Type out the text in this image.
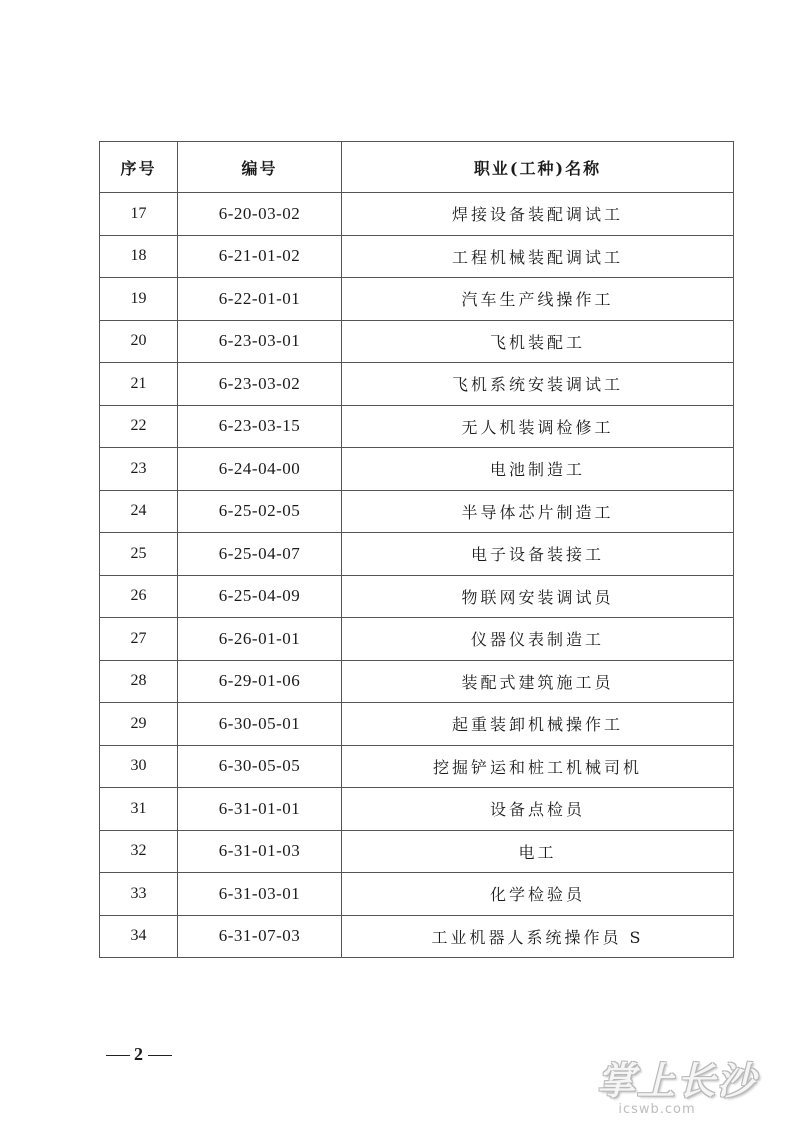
序号	编号	职业(工种)名称
17	6-20-03-02	焊接设备装配调试工
18	6-21-01-02	工程机械装配调试工
19	6-22-01-01	汽车生产线操作工
20	6-23-03-01	飞机装配工
21	6-23-03-02	飞机系统安装调试工
22	6-23-03-15	无人机装调检修工
23	6-24-04-00	电池制造工
24	6-25-02-05	半导体芯片制造工
25	6-25-04-07	电子设备装接工
26	6-25-04-09	物联网安装调试员
27	6-26-01-01	仪器仪表制造工
28	6-29-01-06	装配式建筑施工员
29	6-30-05-01	起重装卸机械操作工
30	6-30-05-05	挖掘铲运和桩工机械司机
31	6-31-01-01	设备点检员
32	6-31-01-03	电工
33	6-31-03-01	化学检验员
34	6-31-07-03	工业机器人系统操作员 S
2
掌上长沙
icswb.com
